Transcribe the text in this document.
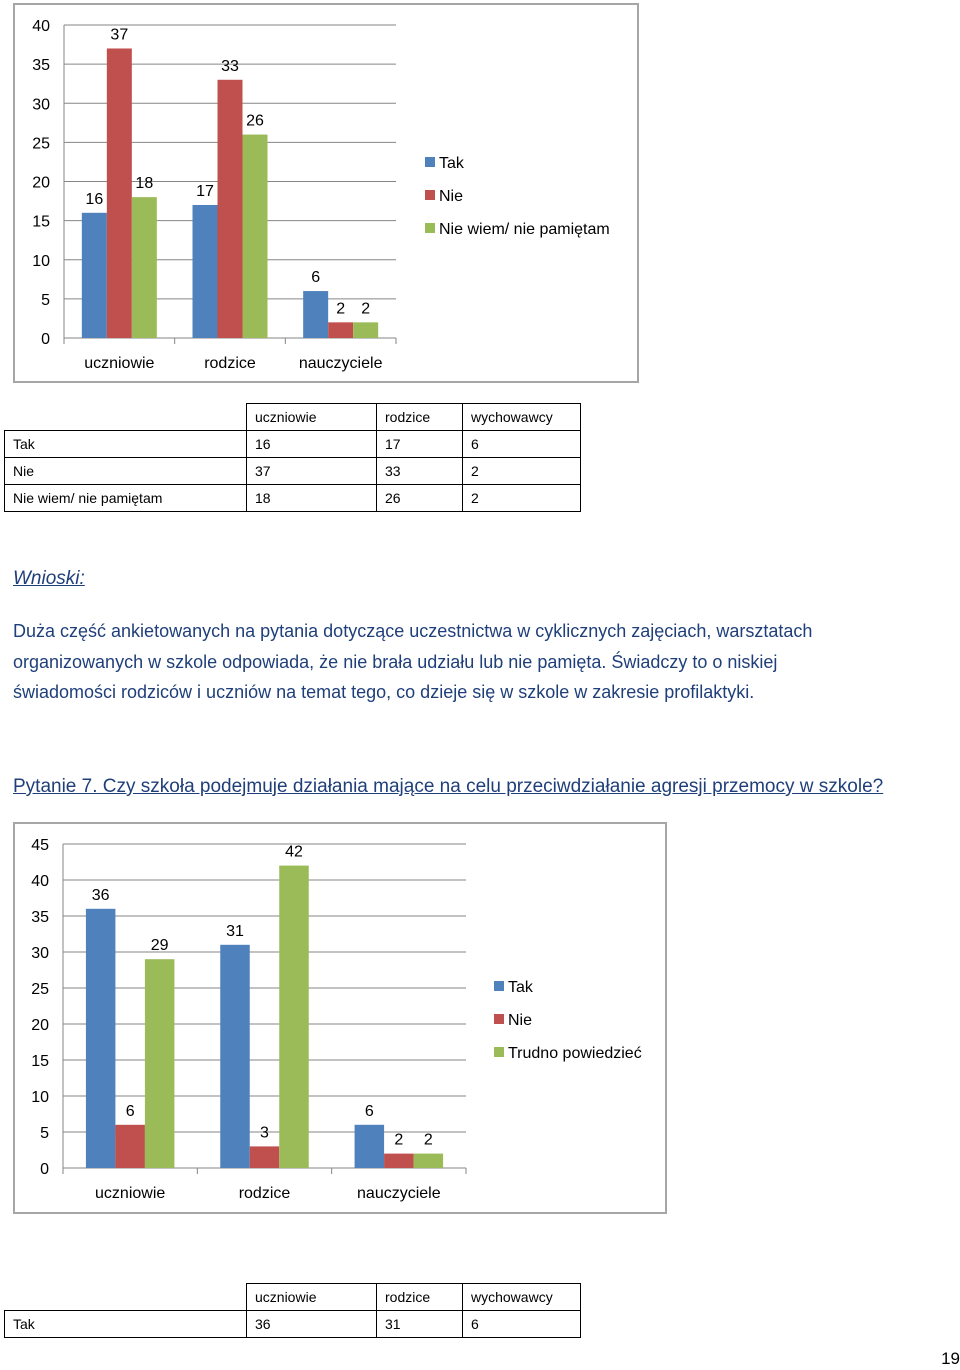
0
5
10
15
20
25
30
35
40
uczniowie
16
37
18
rodzice
17
33
26
nauczyciele
6
2 2
Tak
Nie
Nie wiem/ nie pamiętam
	uczniowie	rodzice	wychowawcy
Tak	16	17	6
Nie	37	33	2
Nie wiem/ nie pamiętam	18	26	2
Wnioski:
Duża część ankietowanych na pytania dotyczące uczestnictwa w cyklicznych zajęciach, warsztatach
organizowanych w szkole odpowiada, że nie brała udziału lub nie pamięta. Świadczy to o niskiej
świadomości rodziców i uczniów na temat tego, co dzieje się w szkole w zakresie profilaktyki.
Pytanie 7. Czy szkoła podejmuje działania mające na celu przeciwdziałanie agresji przemocy w szkole?
0
5
10
15
20
25
30
35
40
45
uczniowie
36
6
29
rodzice
31
3
42
nauczyciele
6
2 2
Tak
Nie
Trudno powiedzieć
	uczniowie	rodzice	wychowawcy
Tak	36	31	6
19
